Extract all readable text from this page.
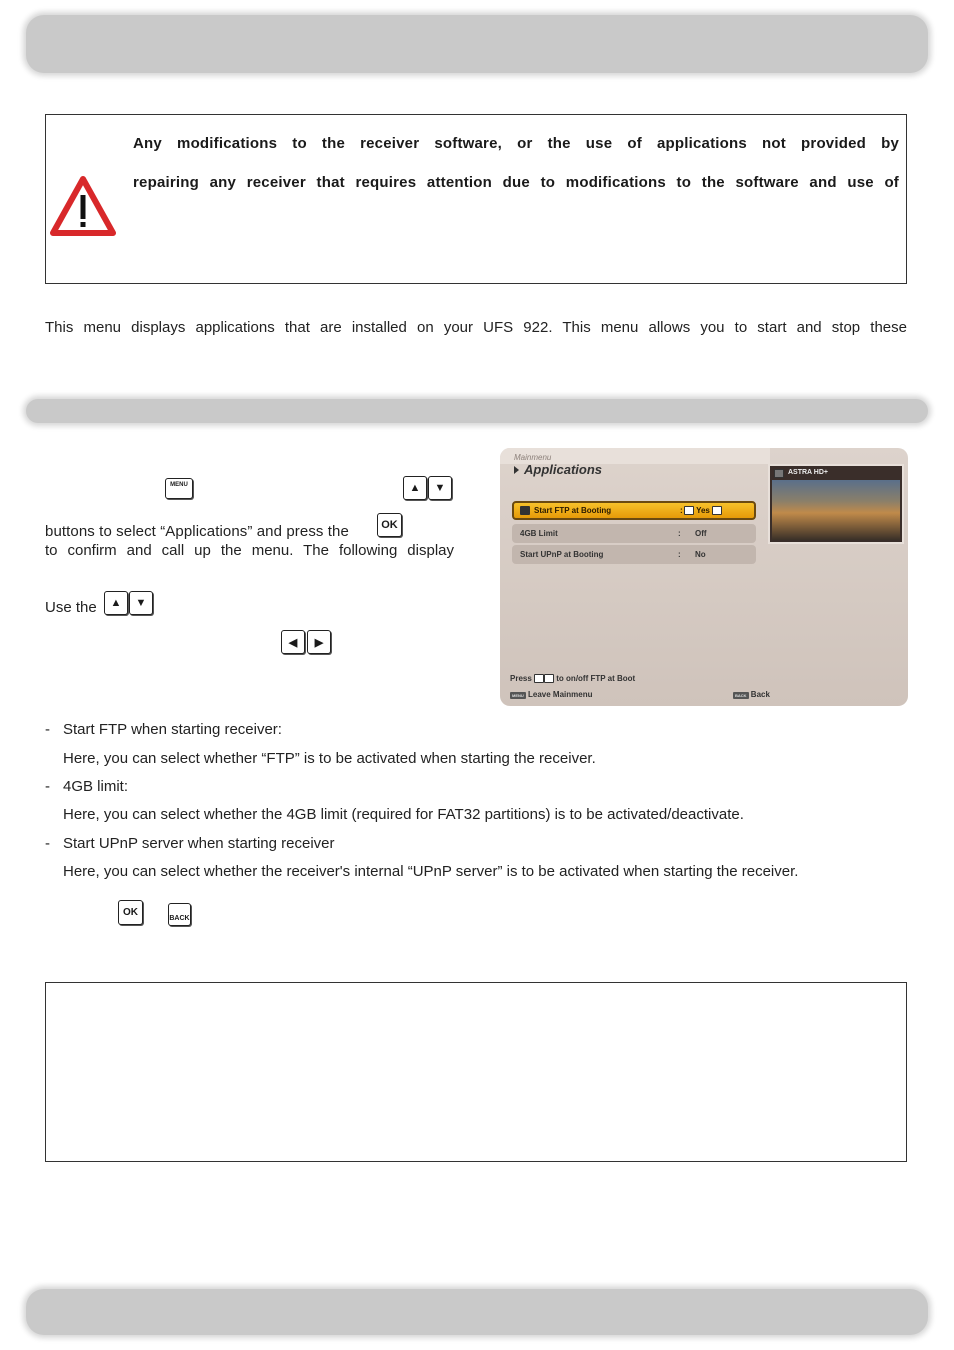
Any modifications to the receiver software, or the use of applications not provided by
repairing any receiver that requires attention due to modifications to the software and use of
This menu displays applications that are installed on your UFS 922. This menu allows you to start and stop these
MENU	▲	▼
buttons to select “Applications” and press the	OK
to confirm and call up the menu. The following display
Use the	▲	▼
◀	▶
Mainmenu
Applications
Start FTP at Booting	:	Yes
4GB Limit	: Off
Start UPnP at Booting	: No
ASTRA HD+
Press	to on/off FTP at Boot
MENU Leave Mainmenu	BACK Back
- Start FTP when starting receiver:
Here, you can select whether “FTP” is to be activated when starting the receiver.
- 4GB limit:
Here, you can select whether the 4GB limit (required for FAT32 partitions) is to be activated/deactivate.
- Start UPnP server when starting receiver
Here, you can select whether the receiver's internal “UPnP server” is to be activated when starting the receiver.
OK
BACK
